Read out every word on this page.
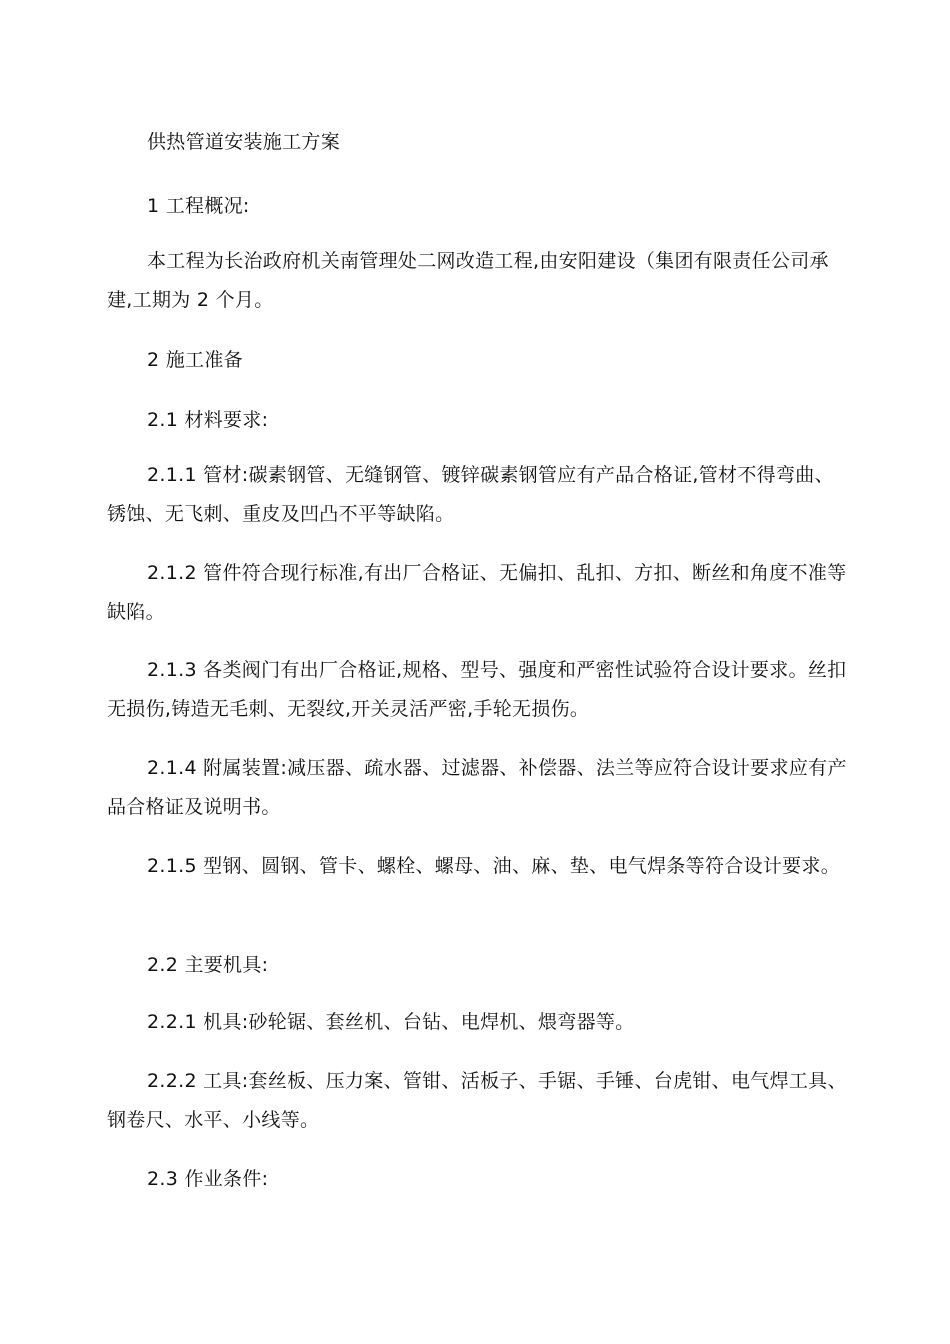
供热管道安装施工方案

1 工程概况:

本工程为长治政府机关南管理处二网改造工程,由安阳建设（集团有限责任公司承建,工期为 2 个月。

2 施工准备

2.1 材料要求:

2.1.1 管材:碳素钢管、无缝钢管、镀锌碳素钢管应有产品合格证,管材不得弯曲、锈蚀、无飞刺、重皮及凹凸不平等缺陷。

2.1.2 管件符合现行标准,有出厂合格证、无偏扣、乱扣、方扣、断丝和角度不准等缺陷。

2.1.3 各类阀门有出厂合格证,规格、型号、强度和严密性试验符合设计要求。丝扣无损伤,铸造无毛刺、无裂纹,开关灵活严密,手轮无损伤。

2.1.4 附属装置:减压器、疏水器、过滤器、补偿器、法兰等应符合设计要求应有产品合格证及说明书。

2.1.5 型钢、圆钢、管卡、螺栓、螺母、油、麻、垫、电气焊条等符合设计要求。

2.2 主要机具:

2.2.1 机具:砂轮锯、套丝机、台钻、电焊机、煨弯器等。

2.2.2 工具:套丝板、压力案、管钳、活板子、手锯、手锤、台虎钳、电气焊工具、钢卷尺、水平、小线等。

2.3 作业条件:
